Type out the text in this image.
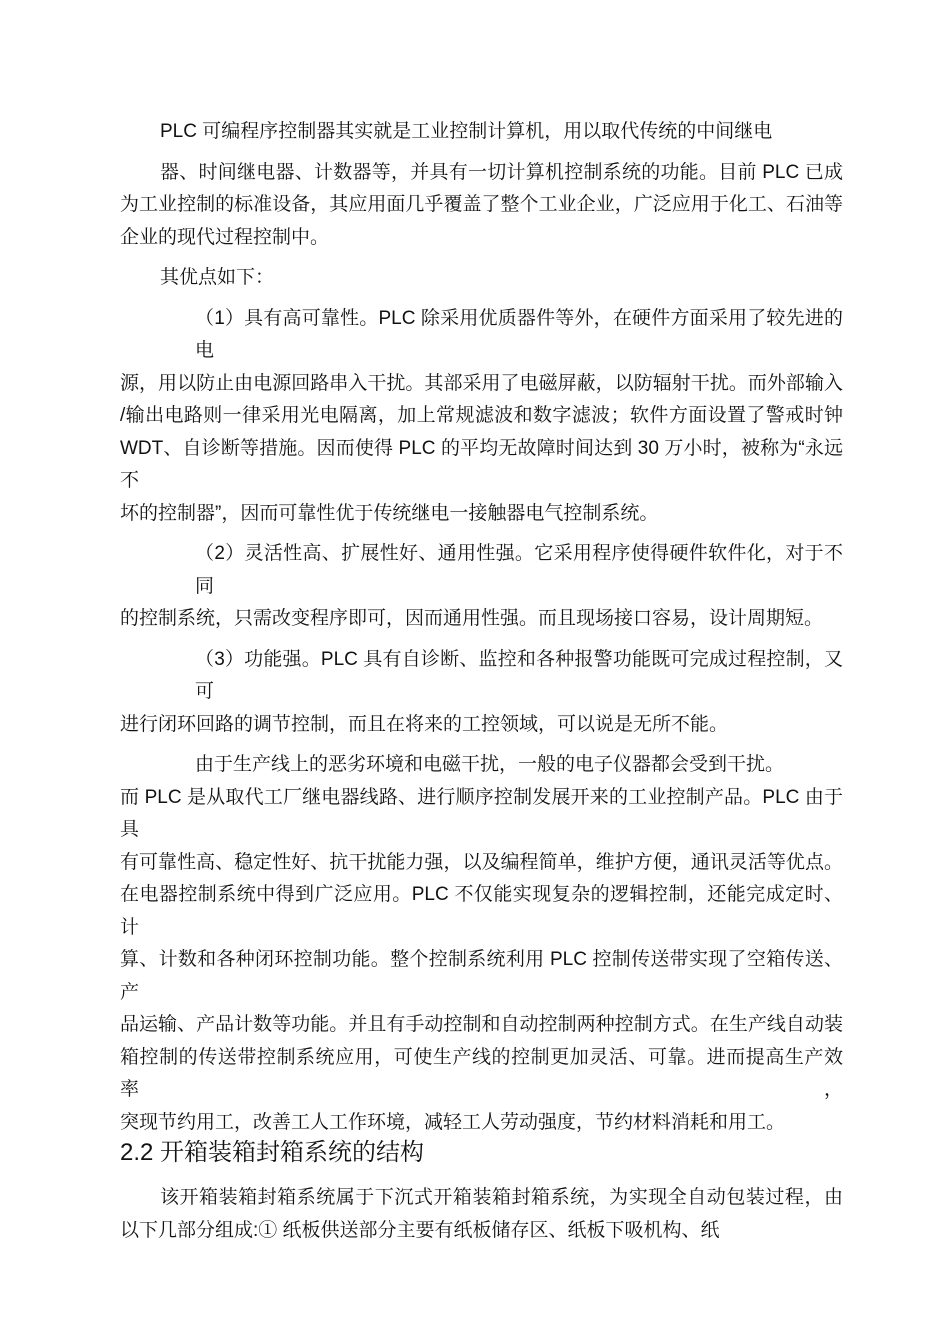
PLC 可编程序控制器其实就是工业控制计算机，用以取代传统的中间继电
器、时间继电器、计数器等，并具有一切计算机控制系统的功能。目前 PLC 已成
为工业控制的标准设备，其应用面几乎覆盖了整个工业企业，广泛应用于化工、石油等
企业的现代过程控制中。
其优点如下：
（1）具有高可靠性。PLC 除采用优质器件等外，在硬件方面采用了较先进的电
源，用以防止由电源回路串入干扰。其部采用了电磁屏蔽，以防辐射干扰。而外部输入
/输出电路则一律采用光电隔离，加上常规滤波和数字滤波；软件方面设置了警戒时钟
WDT、自诊断等措施。因而使得 PLC 的平均无故障时间达到 30 万小时，被称为“永远不
坏的控制器”，因而可靠性优于传统继电一接触器电气控制系统。
（2）灵活性高、扩展性好、通用性强。它采用程序使得硬件软件化，对于不同
的控制系统，只需改变程序即可，因而通用性强。而且现场接口容易，设计周期短。
（3）功能强。PLC 具有自诊断、监控和各种报警功能既可完成过程控制，又可
进行闭环回路的调节控制，而且在将来的工控领域，可以说是无所不能。
由于生产线上的恶劣环境和电磁干扰，一般的电子仪器都会受到干扰。
而 PLC 是从取代工厂继电器线路、进行顺序控制发展开来的工业控制产品。PLC 由于具
有可靠性高、稳定性好、抗干扰能力强，以及编程简单，维护方便，通讯灵活等优点。
在电器控制系统中得到广泛应用。PLC 不仅能实现复杂的逻辑控制，还能完成定时、计
算、计数和各种闭环控制功能。整个控制系统利用 PLC 控制传送带实现了空箱传送、产
品运输、产品计数等功能。并且有手动控制和自动控制两种控制方式。在生产线自动装
箱控制的传送带控制系统应用，可使生产线的控制更加灵活、可靠。进而提高生产效率，
突现节约用工，改善工人工作环境，减轻工人劳动强度，节约材料消耗和用工。
2.2 开箱装箱封箱系统的结构
该开箱装箱封箱系统属于下沉式开箱装箱封箱系统，为实现全自动包装过程，由
以下几部分组成:① 纸板供送部分主要有纸板储存区、纸板下吸机构、纸
